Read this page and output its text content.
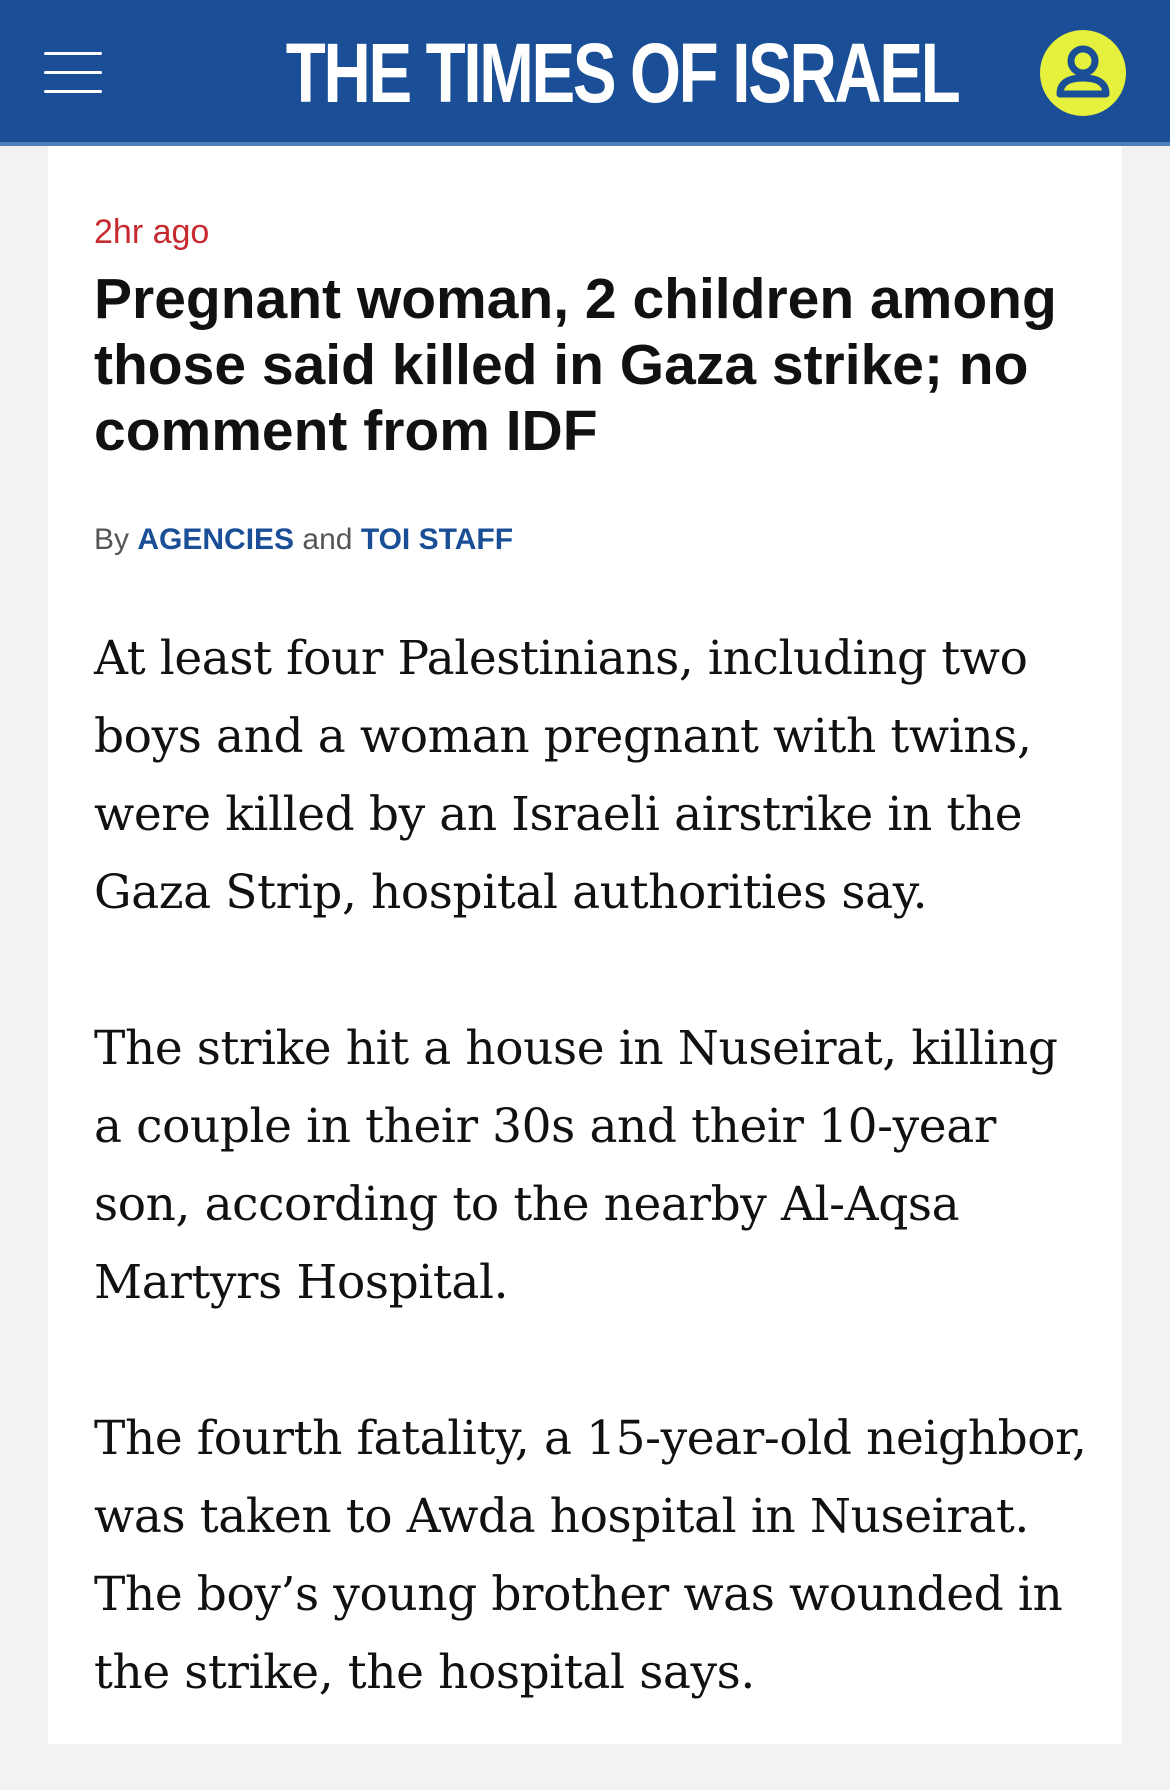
THE TIMES OF ISRAEL
2hr ago
Pregnant woman, 2 children among those said killed in Gaza strike; no comment from IDF
By AGENCIES and TOI STAFF

At least four Palestinians, including two boys and a woman pregnant with twins, were killed by an Israeli airstrike in the Gaza Strip, hospital authorities say.

The strike hit a house in Nuseirat, killing a couple in their 30s and their 10-year son, according to the nearby Al-Aqsa Martyrs Hospital.

The fourth fatality, a 15-year-old neighbor, was taken to Awda hospital in Nuseirat. The boy’s young brother was wounded in the strike, the hospital says.
